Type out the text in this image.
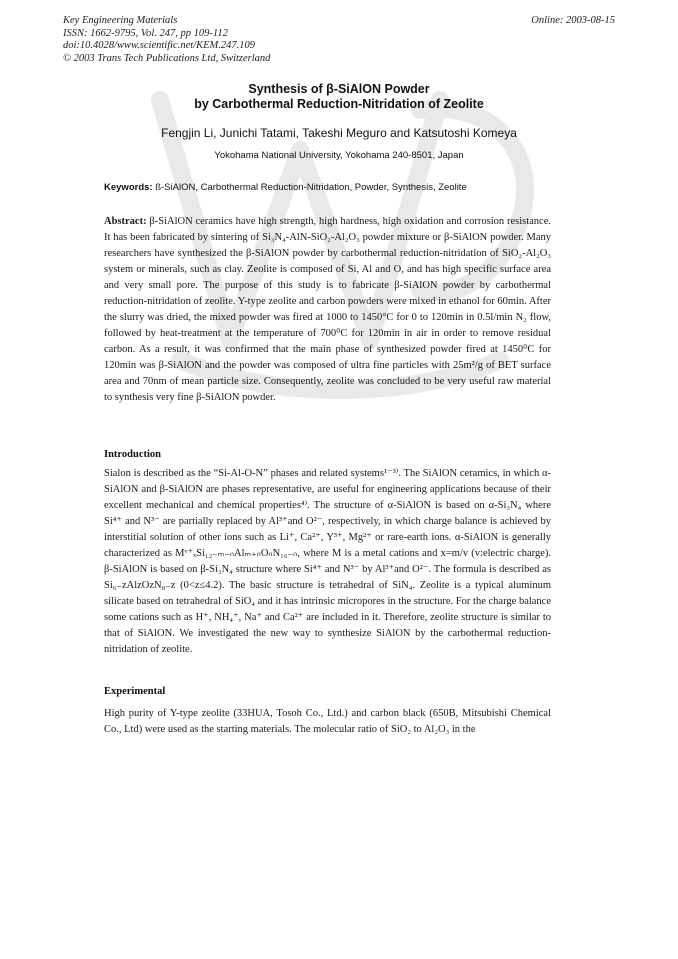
Key Engineering Materials
ISSN: 1662-9795, Vol. 247, pp 109-112
doi:10.4028/www.scientific.net/KEM.247.109
© 2003 Trans Tech Publications Ltd, Switzerland
Online: 2003-08-15
Synthesis of β-SiAlON Powder
by Carbothermal Reduction-Nitridation of Zeolite
Fengjin Li, Junichi Tatami, Takeshi Meguro and Katsutoshi Komeya
Yokohama National University, Yokohama 240-8501, Japan
Keywords: ß-SiAlON, Carbothermal Reduction-Nitridation, Powder, Synthesis, Zeolite

Abstract: β-SiAlON ceramics have high strength, high hardness, high oxidation and corrosion resistance. It has been fabricated by sintering of Si₃N₄-AlN-SiO₂-Al₂O₃ powder mixture or β-SiAlON powder. Many researchers have synthesized the β-SiAlON powder by carbothermal reduction-nitridation of SiO₂-Al₂O₃ system or minerals, such as clay. Zeolite is composed of Si, Al and O, and has high specific surface area and very small pore. The purpose of this study is to fabricate β-SiAlON powder by carbothermal reduction-nitridation of zeolite. Y-type zeolite and carbon powders were mixed in ethanol for 60min. After the slurry was dried, the mixed powder was fired at 1000 to 1450°C for 0 to 120min in 0.5l/min N₂ flow, followed by heat-treatment at the temperature of 700⁰C for 120min in air in order to remove residual carbon. As a result, it was confirmed that the main phase of synthesized powder fired at 1450⁰C for 120min was β-SiAlON and the powder was composed of ultra fine particles with 25m²/g of BET surface area and 70nm of mean particle size. Consequently, zeolite was concluded to be very useful raw material to synthesis very fine β-SiAlON powder.

Introduction

Sialon is described as the “Si-Al-O-N” phases and related systems¹⁻³⁾. The SiAlON ceramics, in which α-SiAlON and β-SiAlON are phases representative, are useful for engineering applications because of their excellent mechanical and chemical properties⁴⁾. The structure of α-SiAlON is based on α-Si₃N₄ where Si⁴⁺ and N³⁻ are partially replaced by Al³⁺and O²⁻, respectively, in which charge balance is achieved by interstitial solution of other ions such as Li⁺, Ca²⁺, Y³⁺, Mg²⁺ or rare-earth ions. α-SiAlON is generally characterized as Mᵛ⁺ₓSi₁₂₋ₘ₋ₙAlₘ₊ₙOₙN₁₆₋ₙ, where M is a metal cations and x=m/v (v:electric charge). β-SiAlON is based on β-Si₃N₄ structure where Si⁴⁺ and N³⁻ by Al³⁺and O²⁻. The formula is described as Si₆₋zAlzOzN₈₋z (0<z≤4.2). The basic structure is tetrahedral of SiN₄. Zeolite is a typical aluminum silicate based on tetrahedral of SiO₄ and it has intrinsic micropores in the structure. For the charge balance some cations such as H⁺, NH₄⁺, Na⁺ and Ca²⁺ are included in it. Therefore, zeolite structure is similar to that of SiAlON. We investigated the new way to synthesize SiAlON by the carbothermal reduction-nitridation of zeolite.

Experimental

High purity of Y-type zeolite (33HUA, Tosoh Co., Ltd.) and carbon black (650B, Mitsubishi Chemical Co., Ltd) were used as the starting materials. The molecular ratio of SiO₂ to Al₂O₃ in the
